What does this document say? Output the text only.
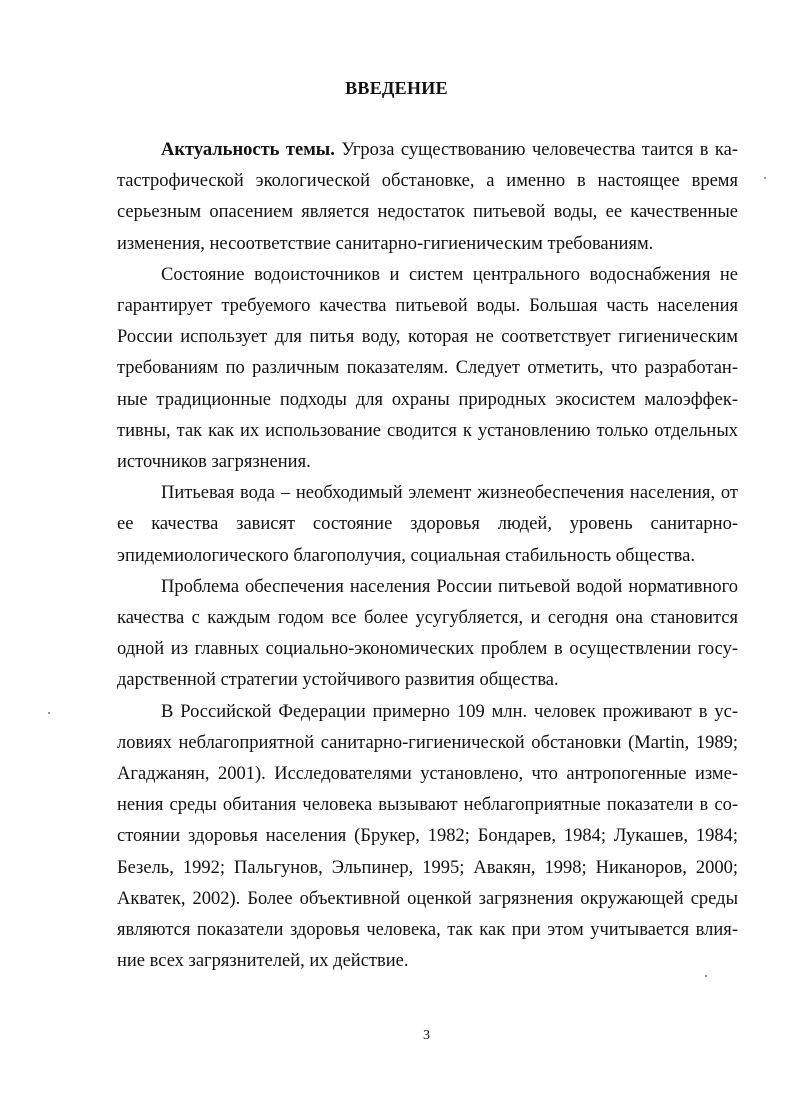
ВВЕДЕНИЕ

Актуальность темы. Угроза существованию человечества таится в катастрофической экологической обстановке, а именно в настоящее время серьезным опасением является недостаток питьевой воды, ее качественные изменения, несоответствие санитарно-гигиеническим требованиям.

Состояние водоисточников и систем центрального водоснабжения не гарантирует требуемого качества питьевой воды. Большая часть населения России использует для питья воду, которая не соответствует гигиеническим требованиям по различным показателям. Следует отметить, что разработанные традиционные подходы для охраны природных экосистем малоэффективны, так как их использование сводится к установлению только отдельных источников загрязнения.

Питьевая вода – необходимый элемент жизнеобеспечения населения, от ее качества зависят состояние здоровья людей, уровень санитарно-эпидемиологического благополучия, социальная стабильность общества.

Проблема обеспечения населения России питьевой водой нормативного качества с каждым годом все более усугубляется, и сегодня она становится одной из главных социально-экономических проблем в осуществлении государственной стратегии устойчивого развития общества.

В Российской Федерации примерно 109 млн. человек проживают в условиях неблагоприятной санитарно-гигиенической обстановки (Martin, 1989; Агаджанян, 2001). Исследователями установлено, что антропогенные изменения среды обитания человека вызывают неблагоприятные показатели в состоянии здоровья населения (Брукер, 1982; Бондарев, 1984; Лукашев, 1984; Безель, 1992; Пальгунов, Эльпинер, 1995; Авакян, 1998; Никаноров, 2000; Акватек, 2002). Более объективной оценкой загрязнения окружающей среды являются показатели здоровья человека, так как при этом учитывается влияние всех загрязнителей, их действие.

3
